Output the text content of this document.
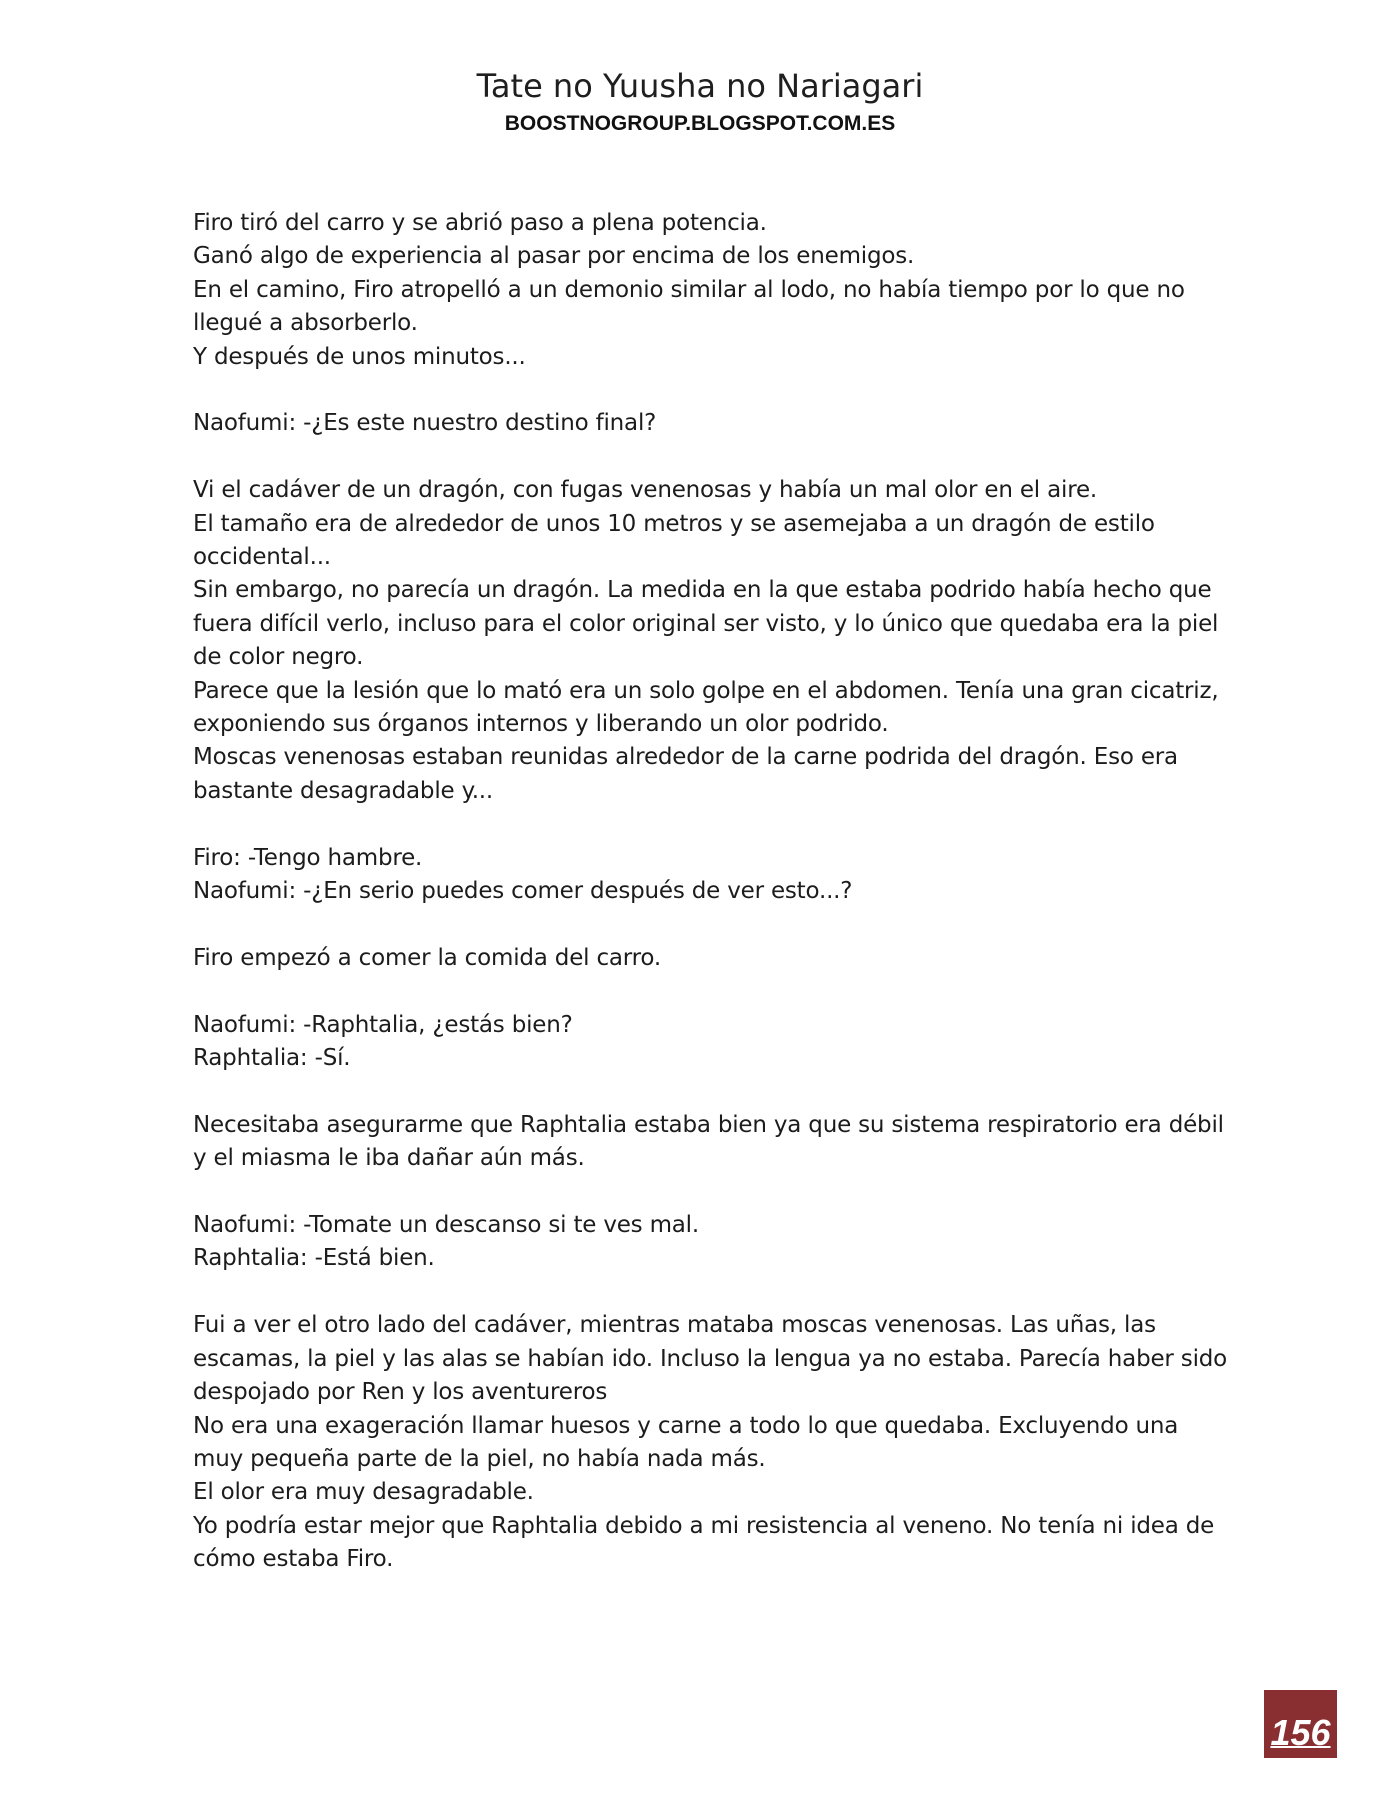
Tate no Yuusha no Nariagari
BOOSTNOGROUP.BLOGSPOT.COM.ES
Firo tiró del carro y se abrió paso a plena potencia.
Ganó algo de experiencia al pasar por encima de los enemigos.
En el camino, Firo atropelló a un demonio similar al lodo, no había tiempo por lo que no
llegué a absorberlo.
Y después de unos minutos...
Naofumi: -¿Es este nuestro destino final?
Vi el cadáver de un dragón, con fugas venenosas y había un mal olor en el aire.
El tamaño era de alrededor de unos 10 metros y se asemejaba a un dragón de estilo
occidental...
Sin embargo, no parecía un dragón. La medida en la que estaba podrido había hecho que
fuera difícil verlo, incluso para el color original ser visto, y lo único que quedaba era la piel
de color negro.
Parece que la lesión que lo mató era un solo golpe en el abdomen. Tenía una gran cicatriz,
exponiendo sus órganos internos y liberando un olor podrido.
Moscas venenosas estaban reunidas alrededor de la carne podrida del dragón. Eso era
bastante desagradable y...
Firo: -Tengo hambre.
Naofumi: -¿En serio puedes comer después de ver esto...?
Firo empezó a comer la comida del carro.
Naofumi: -Raphtalia, ¿estás bien?
Raphtalia: -Sí.
Necesitaba asegurarme que Raphtalia estaba bien ya que su sistema respiratorio era débil
y el miasma le iba dañar aún más.
Naofumi: -Tomate un descanso si te ves mal.
Raphtalia: -Está bien.
Fui a ver el otro lado del cadáver, mientras mataba moscas venenosas. Las uñas, las
escamas, la piel y las alas se habían ido. Incluso la lengua ya no estaba. Parecía haber sido
despojado por Ren y los aventureros
No era una exageración llamar huesos y carne a todo lo que quedaba. Excluyendo una
muy pequeña parte de la piel, no había nada más.
El olor era muy desagradable.
Yo podría estar mejor que Raphtalia debido a mi resistencia al veneno. No tenía ni idea de
cómo estaba Firo.
156
